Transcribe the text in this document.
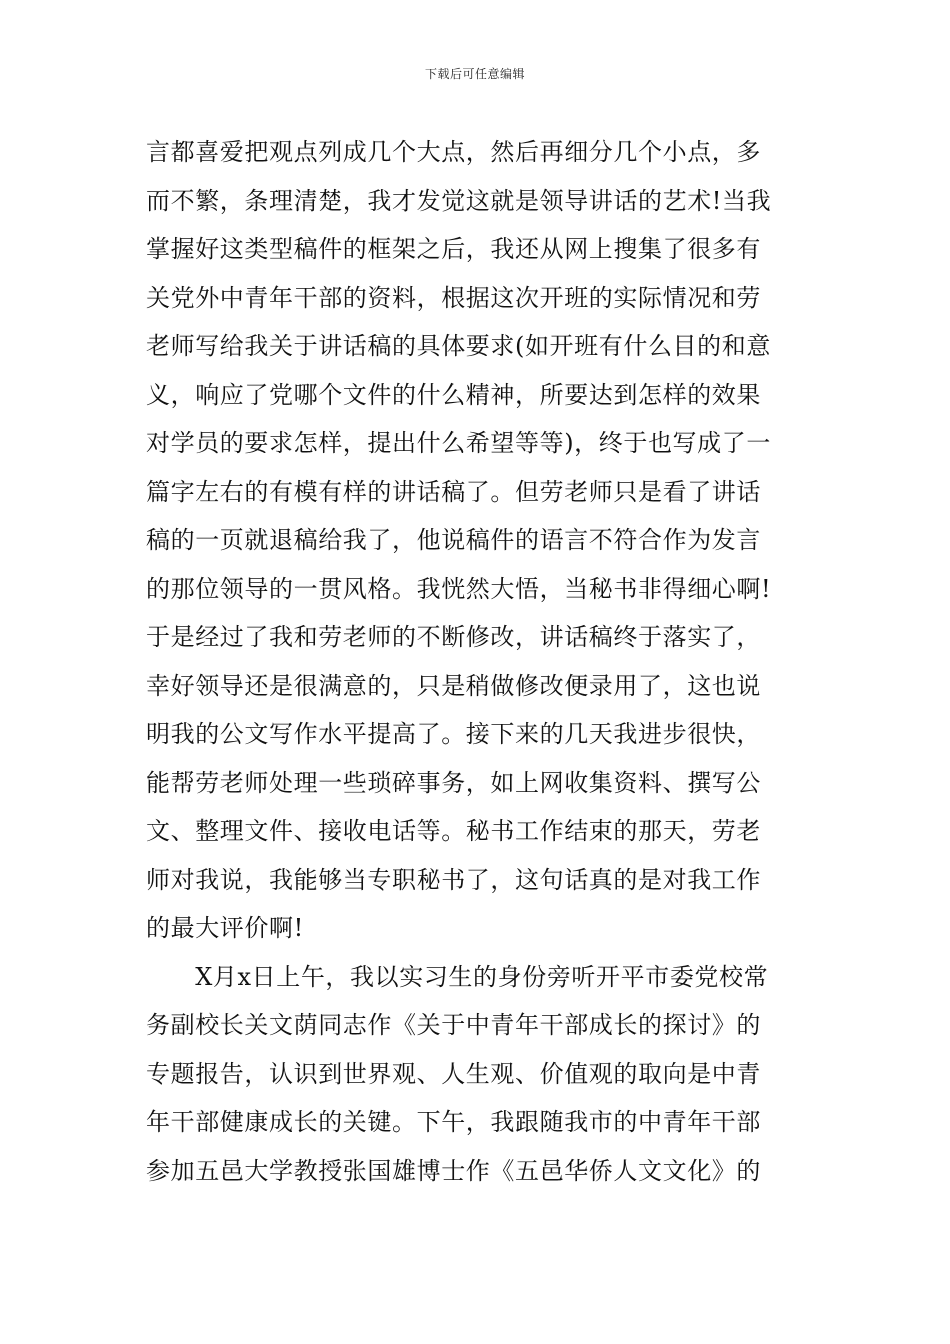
下载后可任意编辑
言都喜爱把观点列成几个大点，然后再细分几个小点，多
而不繁，条理清楚，我才发觉这就是领导讲话的艺术!当我
掌握好这类型稿件的框架之后，我还从网上搜集了很多有
关党外中青年干部的资料，根据这次开班的实际情况和劳
老师写给我关于讲话稿的具体要求(如开班有什么目的和意
义，响应了党哪个文件的什么精神，所要达到怎样的效果
对学员的要求怎样，提出什么希望等等)，终于也写成了一
篇字左右的有模有样的讲话稿了。但劳老师只是看了讲话
稿的一页就退稿给我了，他说稿件的语言不符合作为发言
的那位领导的一贯风格。我恍然大悟，当秘书非得细心啊!
于是经过了我和劳老师的不断修改，讲话稿终于落实了，
幸好领导还是很满意的，只是稍做修改便录用了，这也说
明我的公文写作水平提高了。接下来的几天我进步很快，
能帮劳老师处理一些琐碎事务，如上网收集资料、撰写公
文、整理文件、接收电话等。秘书工作结束的那天，劳老
师对我说，我能够当专职秘书了，这句话真的是对我工作
的最大评价啊!
　　X月x日上午，我以实习生的身份旁听开平市委党校常
务副校长关文荫同志作《关于中青年干部成长的探讨》的
专题报告，认识到世界观、人生观、价值观的取向是中青
年干部健康成长的关键。下午，我跟随我市的中青年干部
参加五邑大学教授张国雄博士作《五邑华侨人文文化》的
